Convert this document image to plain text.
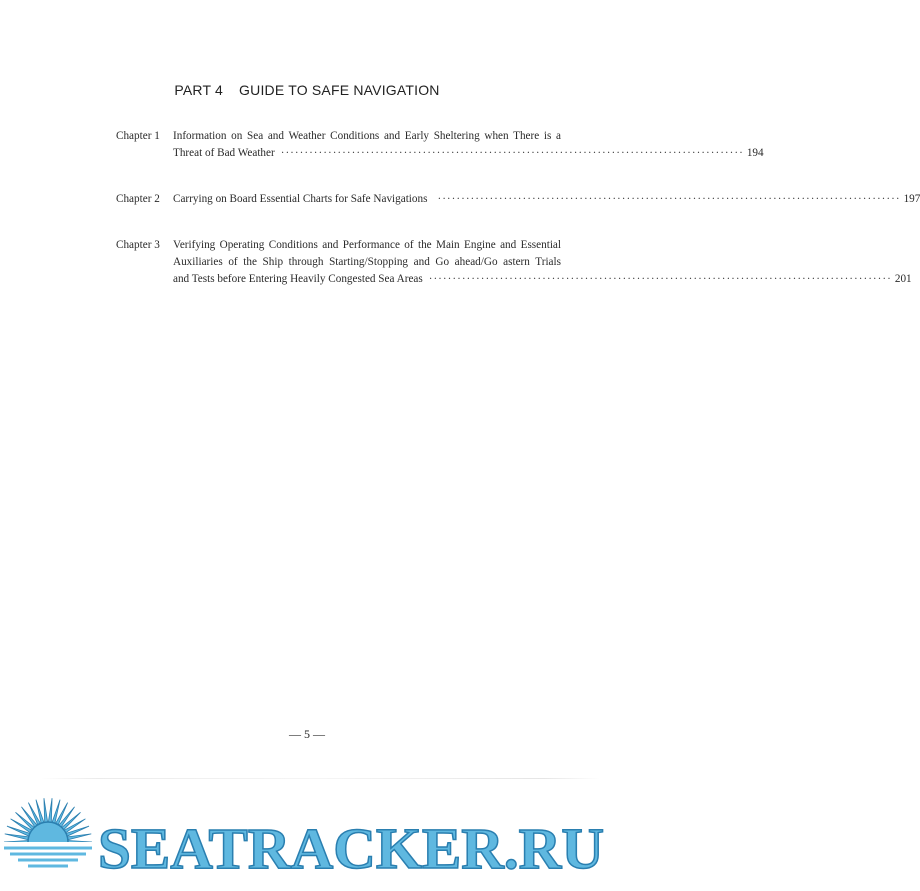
PART 4 GUIDE TO SAFE NAVIGATION
Chapter 1	Information on Sea and Weather Conditions and Early Sheltering when There is a
Threat of Bad Weather ·································································································· 194
Chapter 2	Carrying on Board Essential Charts for Safe Navigations ·································································································· 197
Chapter 3	Verifying Operating Conditions and Performance of the Main Engine and Essential
Auxiliaries of the Ship through Starting/Stopping and Go ahead/Go astern Trials
and Tests before Entering Heavily Congested Sea Areas ·································································································· 201
— 5 —
SEATRACKER.RU
